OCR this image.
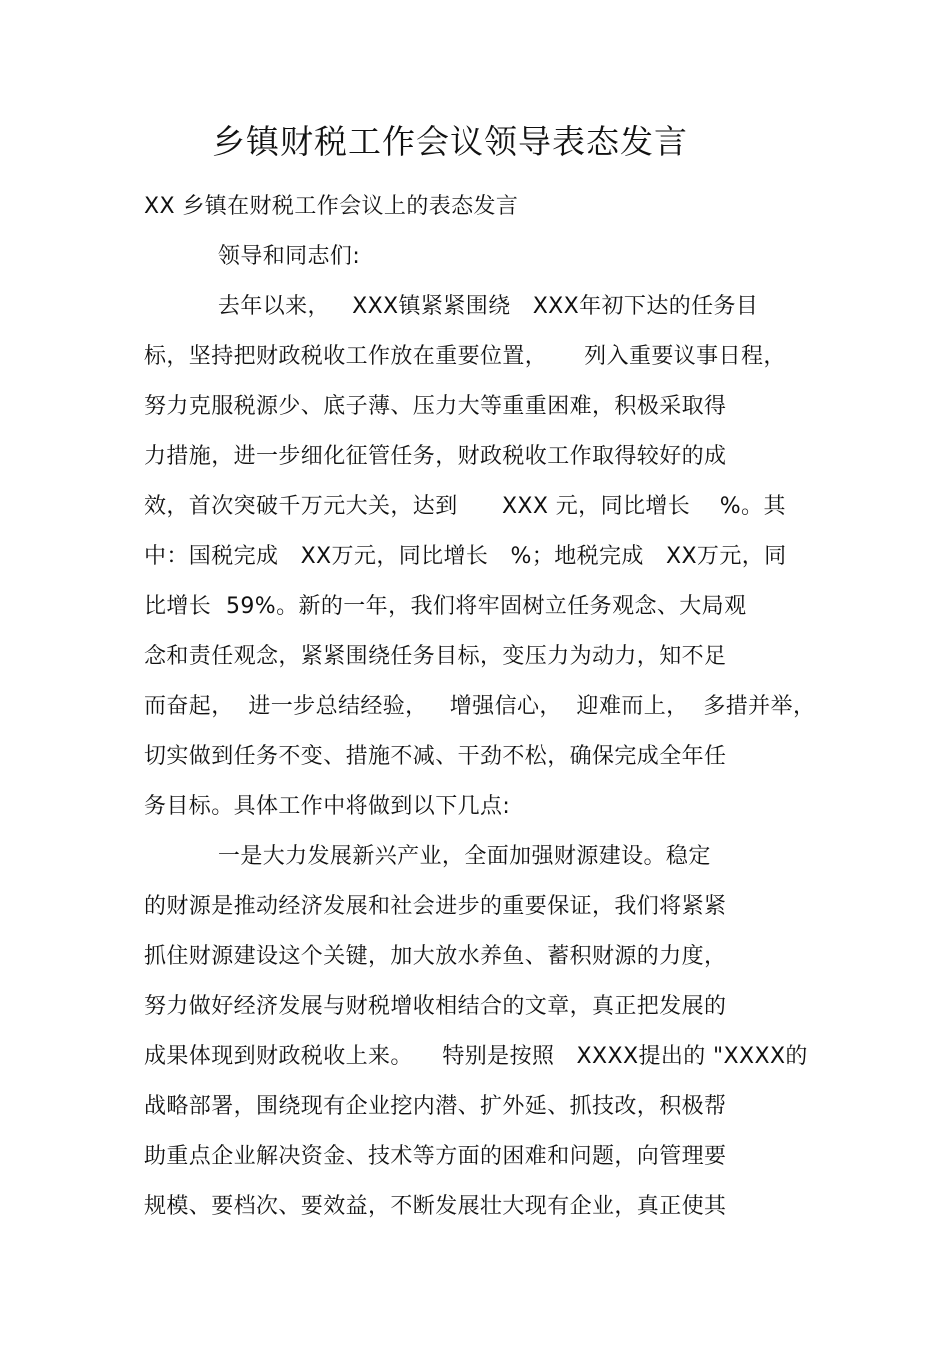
乡镇财税工作会议领导表态发言
XX 乡镇在财税工作会议上的表态发言
领导和同志们:
去年以来，   XXX镇紧紧围绕   XXX年初下达的任务目
标，坚持把财政税收工作放在重要位置，     列入重要议事日程，
努力克服税源少、底子薄、压力大等重重困难，积极采取得
力措施，进一步细化征管任务，财政税收工作取得较好的成
效，首次突破千万元大关，达到      XXX 元，同比增长    %。其
中：国税完成   XX万元，同比增长   %；地税完成   XX万元，同
比增长  59%。新的一年，我们将牢固树立任务观念、大局观
念和责任观念，紧紧围绕任务目标，变压力为动力，知不足
而奋起，  进一步总结经验，   增强信心，  迎难而上，  多措并举，
切实做到任务不变、措施不减、干劲不松，确保完成全年任
务目标。具体工作中将做到以下几点:
一是大力发展新兴产业，全面加强财源建设。稳定
的财源是推动经济发展和社会进步的重要保证，我们将紧紧
抓住财源建设这个关键，加大放水养鱼、蓄积财源的力度，
努力做好经济发展与财税增收相结合的文章，真正把发展的
成果体现到财政税收上来。    特别是按照   XXXX提出的 "XXXX的
战略部署，围绕现有企业挖内潜、扩外延、抓技改，积极帮
助重点企业解决资金、技术等方面的困难和问题，向管理要
规模、要档次、要效益，不断发展壮大现有企业，真正使其
